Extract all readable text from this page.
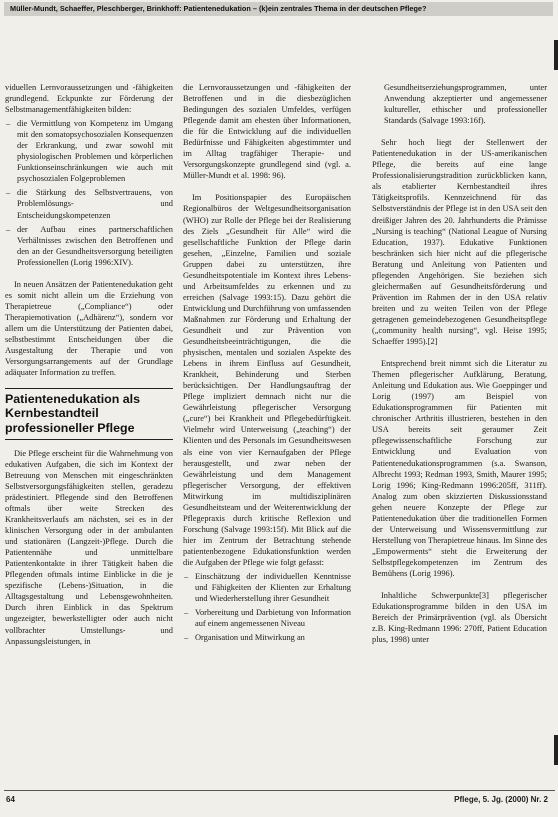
Müller-Mundt, Schaeffer, Pleschberger, Brinkhoff: Patientenedukation – (k)ein zentrales Thema in der deutschen Pflege?

viduellen Lernvoraussetzungen und -fähigkeiten grundlegend. Eckpunkte zur Förderung der Selbstmanagementfähigkeiten bilden:

– die Vermittlung von Kompetenz im Umgang mit den somatopsychosozialen Konsequenzen der Erkrankung, und zwar sowohl mit physiologischen Problemen und körperlichen Funktionseinschränkungen wie auch mit psychosozialen Folgeproblemen
– die Stärkung des Selbstvertrauens, von Problemlösungs- und Entscheidungskompetenzen
– der Aufbau eines partnerschaftlichen Verhältnisses zwischen den Betroffenen und den an der Gesundheitsversorgung beteiligten Professionellen (Lorig 1996:XIV).

In neuen Ansätzen der Patientenedukation geht es somit nicht allein um die Erziehung von Therapietreue („Compliance“) oder Therapiemotivation („Adhärenz“), sondern vor allem um die Unterstützung der Patienten dabei, selbstbestimmt Entscheidungen über die Ausgestaltung der Therapie und von Versorgungsarrangements auf der Grundlage adäquater Information zu treffen.

Patientenedukation als Kernbestandteil professioneller Pflege

Die Pflege erscheint für die Wahrnehmung von edukativen Aufgaben, die sich im Kontext der Betreuung von Menschen mit eingeschränkten Selbstversorgungsfähigkeiten stellen, geradezu prädestiniert. Pflegende sind den Betroffenen oftmals über weite Strecken des Krankheitsverlaufs am nächsten, sei es in der klinischen Versorgung oder in der ambulanten und stationären (Langzeit-)Pflege. Durch die Patientennähe und unmittelbare Patientenkontakte in ihrer Tätigkeit haben die Pflegenden oftmals intime Einblicke in die je spezifische (Lebens-)Situation, in die Alltagsgestaltung und Lebensgewohnheiten. Durch ihren Einblick in das Spektrum ungezeigter, bewerkstelligter oder auch nicht vollbrachter Umstellungs- und Anpassungsleistungen, in

die Lernvoraussetzungen und -fähigkeiten der Betroffenen und in die diesbezüglichen Bedingungen des sozialen Umfeldes, verfügen Pflegende damit am ehesten über Informationen, die für die Entwicklung auf die individuellen Bedürfnisse und Fähigkeiten abgestimmter und im Alltag tragfähiger Therapie- und Versorgungskonzepte grundlegend sind (vgl. a. Müller-Mundt et al. 1998: 96).

Im Positionspapier des Europäischen Regionalbüros der Weltgesundheitsorganisation (WHO) zur Rolle der Pflege bei der Realisierung des Ziels „Gesundheit für Alle“ wird die gesellschaftliche Funktion der Pflege darin gesehen, „Einzelne, Familien und soziale Gruppen dabei zu unterstützen, ihre Gesundheitspotentiale im Kontext ihres Lebens- und Arbeitsumfeldes zu erkennen und zu erreichen (Salvage 1993:15). Dazu gehört die Entwicklung und Durchführung von umfassenden Maßnahmen zur Förderung und Erhaltung der Gesundheit und zur Prävention von Gesundheitsbeeinträchtigungen, die die physischen, mentalen und sozialen Aspekte des Lebens in ihrem Einfluss auf Gesundheit, Krankheit, Behinderung und Sterben berücksichtigen. Der Handlungsauftrag der Pflege impliziert demnach nicht nur die Gewährleistung pflegerischer Versorgung („cure“) bei Krankheit und Pflegebedürftigkeit. Vielmehr wird Unterweisung („teaching“) der Klienten und des Personals im Gesundheitswesen als eine von vier Kernaufgaben der Pflege herausgestellt, und zwar neben der Gewährleistung und dem Management pflegerischer Versorgung, der effektiven Mitwirkung im multidisziplinären Gesundheitsteam und der Weiterentwicklung der Pflegepraxis durch kritische Reflexion und Forschung (Salvage 1993:15f). Mit Blick auf die hier im Zentrum der Betrachtung stehende patientenbezogene Edukationsfunktion werden die Aufgaben der Pflege wie folgt gefasst:

– Einschätzung der individuellen Kenntnisse und Fähigkeiten der Klienten zur Erhaltung und Wiederherstellung ihrer Gesundheit
– Vorbereitung und Darbietung von Information auf einem angemessenen Niveau
– Organisation und Mitwirkung an

Gesundheitserziehungsprogrammen, unter Anwendung akzeptierter und angemessener kultureller, ethischer und professioneller Standards (Salvage 1993:16f).

Sehr hoch liegt der Stellenwert der Patientenedukation in der US-amerikanischen Pflege, die bereits auf eine lange Professionalisierungstradition zurückblicken kann, als etablierter Kernbestandteil ihres Tätigkeitsprofils. Kennzeichnend für das Selbstverständnis der Pflege ist in den USA seit den dreißiger Jahren des 20. Jahrhunderts die Prämisse „Nursing is teaching“ (National League of Nursing Education, 1937). Edukative Funktionen beschränken sich hier nicht auf die pflegerische Beratung und Anleitung von Patienten und pflegenden Angehörigen. Sie beziehen sich gleichermaßen auf Gesundheitsförderung und Prävention im Rahmen der in den USA relativ breiten und zu weiten Teilen von der Pflege getragenen gemeindebezogenen Gesundheitspflege („community health nursing“, vgl. Heise 1995; Schaeffer 1995).[2]

Entsprechend breit nimmt sich die Literatur zu Themen pflegerischer Aufklärung, Beratung, Anleitung und Edukation aus. Wie Goeppinger und Lorig (1997) am Beispiel von Edukationsprogrammen für Patienten mit chronischer Arthritis illustrieren, bestehen in den USA bereits seit geraumer Zeit pflegewissenschaftliche Forschung zur Entwicklung und Evaluation von Patientenedukationsprogrammen (s.a. Swanson, Albrecht 1993; Redman 1993, Smith, Maurer 1995; Lorig 1996; King-Redmann 1996:205ff, 311ff). Analog zum oben skizzierten Diskussionsstand gehen neuere Konzepte der Pflege zur Patientenedukation über die traditionellen Formen der Unterweisung und Wissensvermittlung zur Herstellung von Therapietreue hinaus. Im Sinne des „Empowerments“ steht die Erweiterung der Selbstpflegekompetenzen im Zentrum des Bemühens (Lorig 1996).

Inhaltliche Schwerpunkte[3] pflegerischer Edukationsprogramme bilden in den USA im Bereich der Primärprävention (vgl. als Übersicht z.B. King-Redmann 1996: 270ff, Patient Education plus, 1998) unter

64	Pflege, 5. Jg. (2000) Nr. 2
